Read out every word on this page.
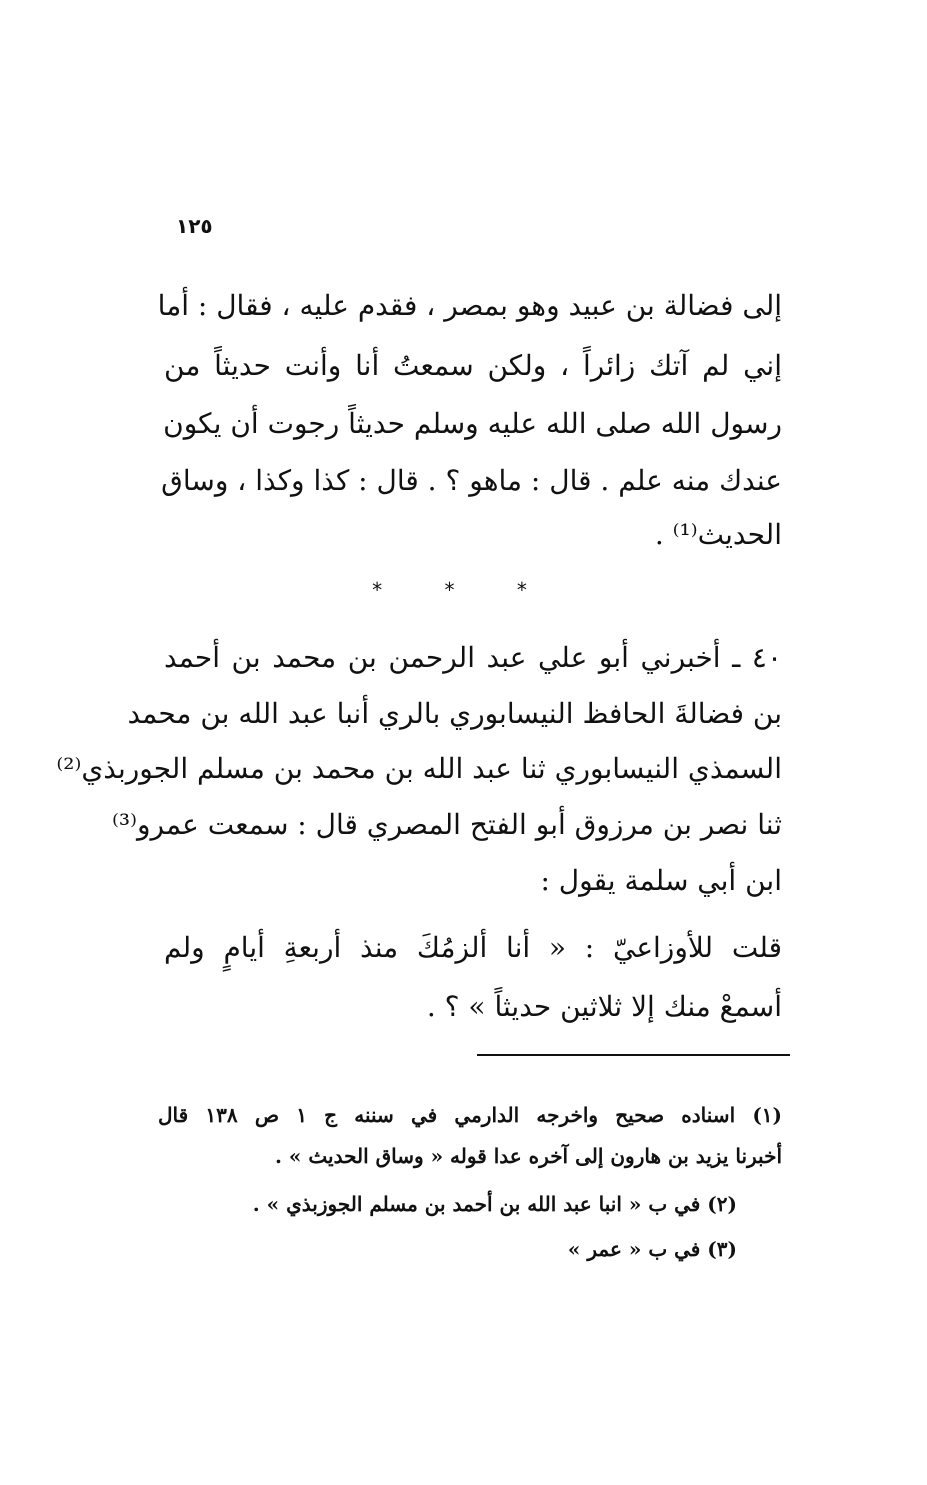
١٢٥
إلى فضالة بن عبيد وهو بمصر ، فقدم عليه ، فقال : أما
إني لم آتك زائراً ، ولكن سمعتُ أنا وأنت حديثاً من
رسول الله صلى الله عليه وسلم حديثاً رجوت أن يكون
عندك منه علم . قال : ماهو ؟ . قال : كذا وكذا ، وساق
الحديث⁽¹⁾ .
* * *
٤٠ ـ أخبرني أبو علي عبد الرحمن بن محمد بن أحمد
بن فضالةَ الحافظ النيسابوري بالري أنبا عبد الله بن محمد
السمذي النيسابوري ثنا عبد الله بن محمد بن مسلم الجوربذي⁽²⁾
ثنا نصر بن مرزوق أبو الفتح المصري قال : سمعت عمرو⁽³⁾
ابن أبي سلمة يقول :
قلت للأوزاعيّ : « أنا ألزمُكَ منذ أربعةِ أيامٍ ولم
أسمعْ منك إلا ثلاثين حديثاً » ؟ .
(١) اسناده صحيح واخرجه الدارمي في سننه ج ١ ص ١٣٨ قال
أخبرنا يزيد بن هارون إلى آخره عدا قوله « وساق الحديث » .
(٢) في ب « انبا عبد الله بن أحمد بن مسلم الجوزبذي » .
(٣) في ب « عمر »
